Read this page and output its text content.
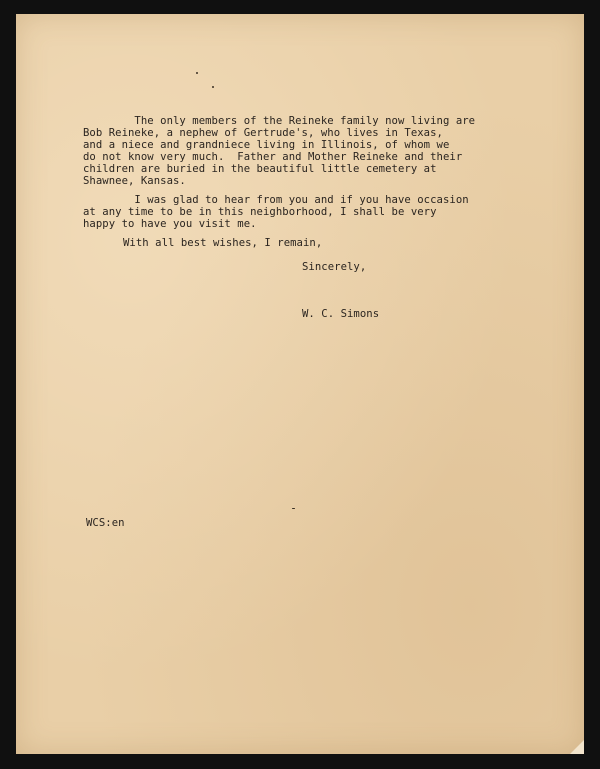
The only members of the Reineke family now living are
Bob Reineke, a nephew of Gertrude's, who lives in Texas,
and a niece and grandniece living in Illinois, of whom we
do not know very much.  Father and Mother Reineke and their
children are buried in the beautiful little cemetery at
Shawnee, Kansas.
I was glad to hear from you and if you have occasion
at any time to be in this neighborhood, I shall be very
happy to have you visit me.
With all best wishes, I remain,
Sincerely,
W. C. Simons
WCS:en
